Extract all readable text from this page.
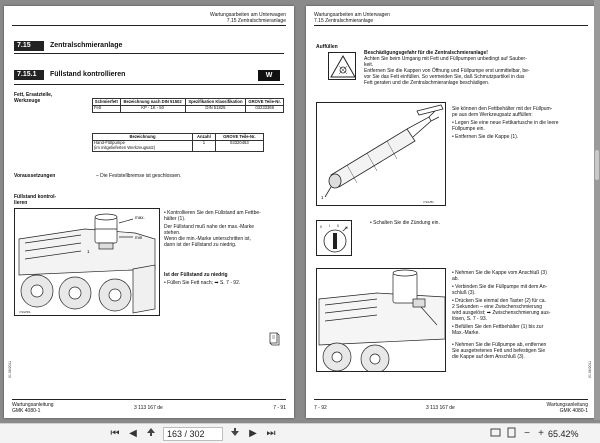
Wartungsarbeiten am Unterwagen
7.15 Zentralschmieranlage
7.15	Zentralschmieranlage
7.15.1	Füllstand kontrollieren	W
Fett, Ersatzteile,
Werkzeuge	Schmierfett	Bezeichnung nach DIN 51502	Spezifikation Klassifikation	GROVE Teile-Nr.
Fett	KP - 1K - 50	DIN 51825	03233369
Bezeichnung	Anzahl	GROVE Teile-Nr.
Hand-Füllpumpe
(im mitgelieferten Werkzeugsatz)	1	03320463
Voraussetzungen	– Die Feststellbremse ist geschlossen.
Füllstand kontrol-
lieren
max.
min
1
7/1/2/3/1
• Kontrollieren Sie den Füllstand am Fettbe-
hälter (1).
Der Füllstand muß nahe der max.-Marke
stehen.
Wenn die min.-Marke unterschritten ist,
dann ist der Füllstand zu niedrig.
Ist der Füllstand zu niedrig
• Füllen Sie Fett nach; ➡ S. 7 - 92.
01.06/2011
Wartungsanleitung
GMK 4080-1	3 113 167 de	7 - 91
Wartungsarbeiten am Unterwagen
7.15 Zentralschmieranlage
Auffüllen
Beschädigungsgefahr für die Zentralschmieranlage!
Achten Sie beim Umgang mit Fett und Füllpumpen unbedingt auf Sauber-
keit.
Entfernen Sie die Kappen von Öffnung und Füllpumpe erst unmittelbar, be-
vor Sie das Fett einfüllen. So vermeiden Sie, daß Schmutzpartikel in das
Fett geraten und die Zentralschmieranlage beschädigen.
1
7/1/1/81
Sie können den Fettbehälter mit der Füllpum-
pe aus dem Werkzeugsatz auffüllen:
• Legen Sie eine neue Fettkartusche in die leere
Füllpumpe ein.
• Entfernen Sie die Kappe (1).
0 I II III
• Schalten Sie die Zündung ein.
• Nehmen Sie die Kappe vom Anschluß (3)
ab.
• Verbinden Sie die Füllpumpe mit dem An-
schluß (3).
• Drücken Sie einmal den Taster (2) für ca.
2 Sekunden – eine Zwischenschmierung
wird ausgelöst; ➡ Zwischenschmierung aus-
lösen, S. 7 - 93.
• Befüllen Sie den Fettbehälter (1) bis zur
Max.-Marke.
• Nehmen Sie die Füllpumpe ab, entfernen
Sie ausgetretenes Fett und befestigen Sie
die Kappe auf dem Anschluß (3).
01.06/2011
7 - 92	3 113 167 de	Wartungsanleitung
GMK 4080-1
⏮ ◀	163 / 302	▶ ⏭	− + 65.42%
